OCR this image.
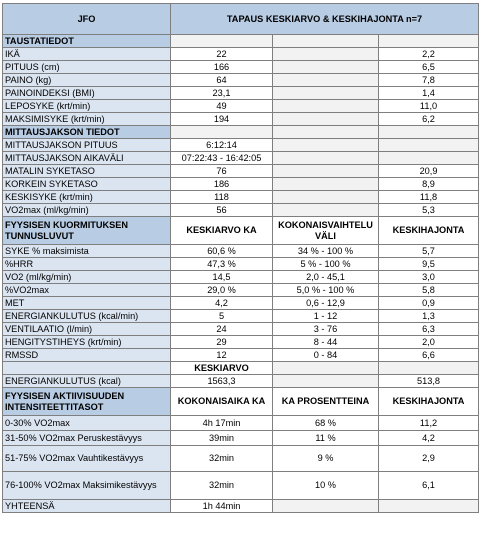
JFO	TAPAUS KESKIARVO & KESKIHAJONTA n=7		
TAUSTATIEDOT			
IKÄ	22		2,2
PITUUS (cm)	166		6,5
PAINO (kg)	64		7,8
PAINOINDEKSI (BMI)	23,1		1,4
LEPOSYKE (krt/min)	49		11,0
MAKSIMISYKE (krt/min)	194		6,2
MITTAUSJAKSON TIEDOT			
MITTAUSJAKSON PITUUS	6:12:14		
MITTAUSJAKSON AIKAVÄLI	07:22:43 - 16:42:05		
MATALIN SYKETASO	76		20,9
KORKEIN SYKETASO	186		8,9
KESKISYKE (krt/min)	118		11,8
VO2max (ml/kg/min)	56		5,3
FYYSISEN KUORMITUKSEN TUNNUSLUVUT	KESKIARVO KA	KOKONAISVAIHTELU VÄLI	KESKIHAJONTA
SYKE % maksimista	60,6 %	34 % - 100 %	5,7
%HRR	47,3 %	5 % - 100 %	9,5
VO2 (ml/kg/min)	14,5	2,0 - 45,1	3,0
%VO2max	29,0 %	5,0 % - 100 %	5,8
MET	4,2	0,6 - 12,9	0,9
ENERGIANKULUTUS (kcal/min)	5	1 - 12	1,3
VENTILAATIO (l/min)	24	3 - 76	6,3
HENGITYSTIHEYS (krt/min)	29	8 - 44	2,0
RMSSD	12	0 - 84	6,6
	KESKIARVO		
ENERGIANKULUTUS (kcal)	1563,3		513,8
FYYSISEN AKTIIVISUUDEN INTENSITEETTITASOT	KOKONAISAIKA KA	KA PROSENTTEINA	KESKIHAJONTA
0-30% VO2max	4h 17min	68 %	11,2
31-50% VO2max Peruskestävyys	39min	11 %	4,2
51-75% VO2max Vauhtikestävyys	32min	9 %	2,9
76-100% VO2max Maksimikestävyys	32min	10 %	6,1
YHTEENSÄ	1h 44min		
